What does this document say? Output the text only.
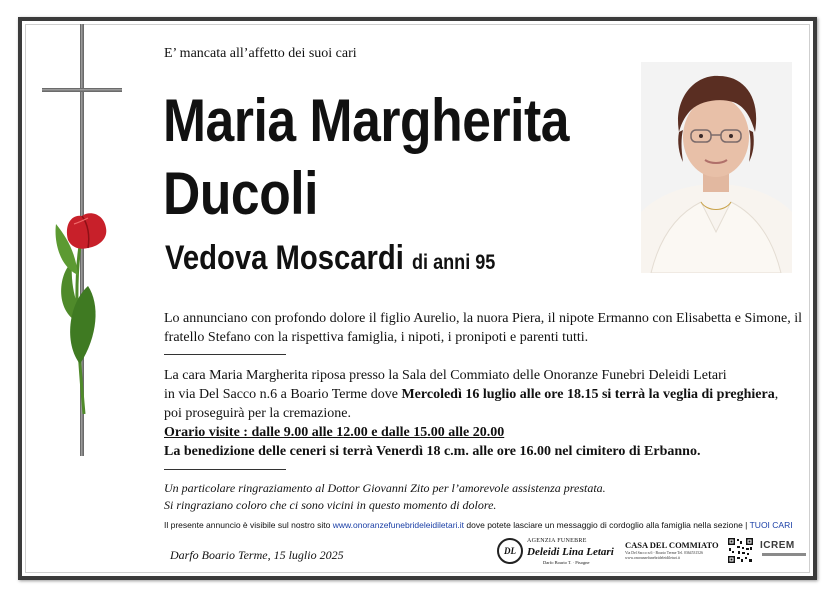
E’ mancata all’affetto dei suoi cari
Maria Margherita
Ducoli
Vedova Moscardi di anni 95
Lo annunciano con profondo dolore il figlio Aurelio, la nuora Piera, il nipote Ermanno con Elisabetta e Simone, il fratello Stefano con la rispettiva famiglia, i nipoti, i pronipoti e parenti tutti.
La cara Maria Margherita riposa presso la Sala del Commiato delle Onoranze Funebri Deleidi Letari
in via Del Sacco n.6 a Boario Terme dove Mercoledì 16 luglio alle ore 18.15 si terrà la veglia di preghiera,
poi proseguirà per la cremazione.
Orario visite : dalle 9.00 alle 12.00 e dalle 15.00 alle 20.00
La benedizione delle ceneri si terrà Venerdì 18 c.m. alle ore 16.00 nel cimitero di Erbanno.
Un particolare ringraziamento al Dottor Giovanni Zito per l’amorevole assistenza prestata.
Si ringraziano coloro che ci sono vicini in questo momento di dolore.
Il presente annuncio è visibile sul nostro sito www.onoranzefunebrideleidiletari.it dove potete lasciare un messaggio di cordoglio alla famiglia nella sezione | TUOI CARI
Darfo Boario Terme, 15 luglio 2025	DL
AGENZIA FUNEBRE
Deleidi Lina Letari
Darfo Boario T. · Pisogne
CASA DEL COMMIATO
Via Del Sacco n.6 - Boario Terme Tel. 0364531526
www.onoranzefunebrideleidiletari.it
ICREM
